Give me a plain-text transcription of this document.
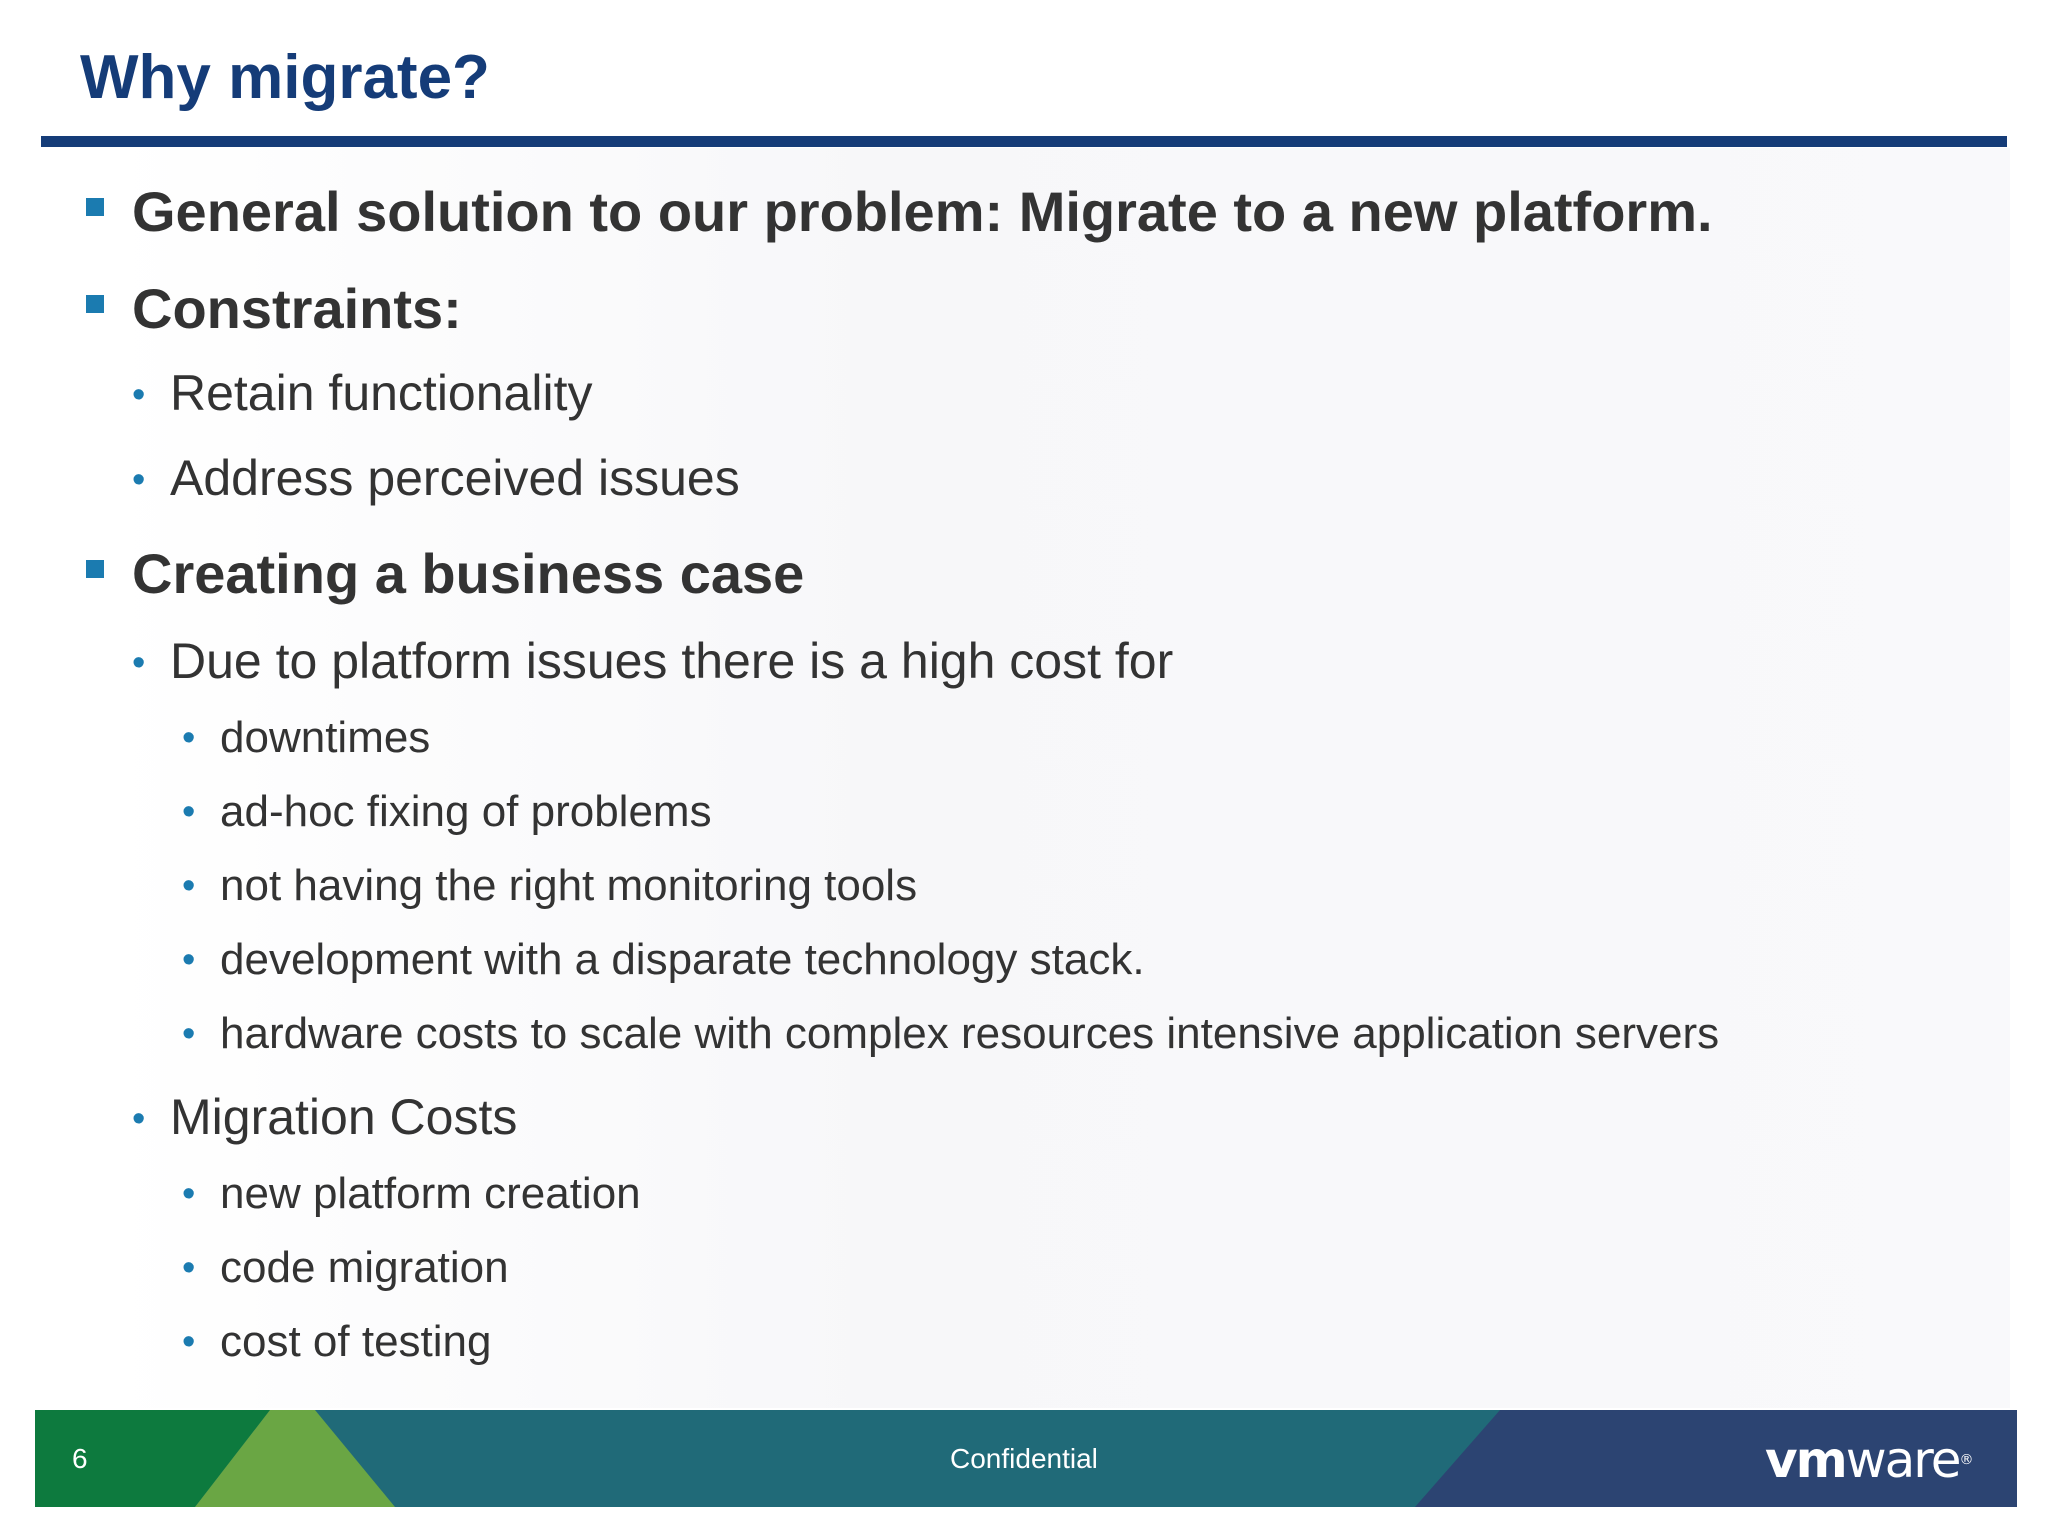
Why migrate?
General solution to our problem: Migrate to a new platform.
Constraints:
• Retain functionality
• Address perceived issues
Creating a business case
• Due to platform issues there is a high cost for
• downtimes
• ad-hoc fixing of problems
• not having the right monitoring tools
• development with a disparate technology stack.
• hardware costs to scale with complex resources intensive application servers
• Migration Costs
• new platform creation
• code migration
• cost of testing
6	Confidential	vmware®
